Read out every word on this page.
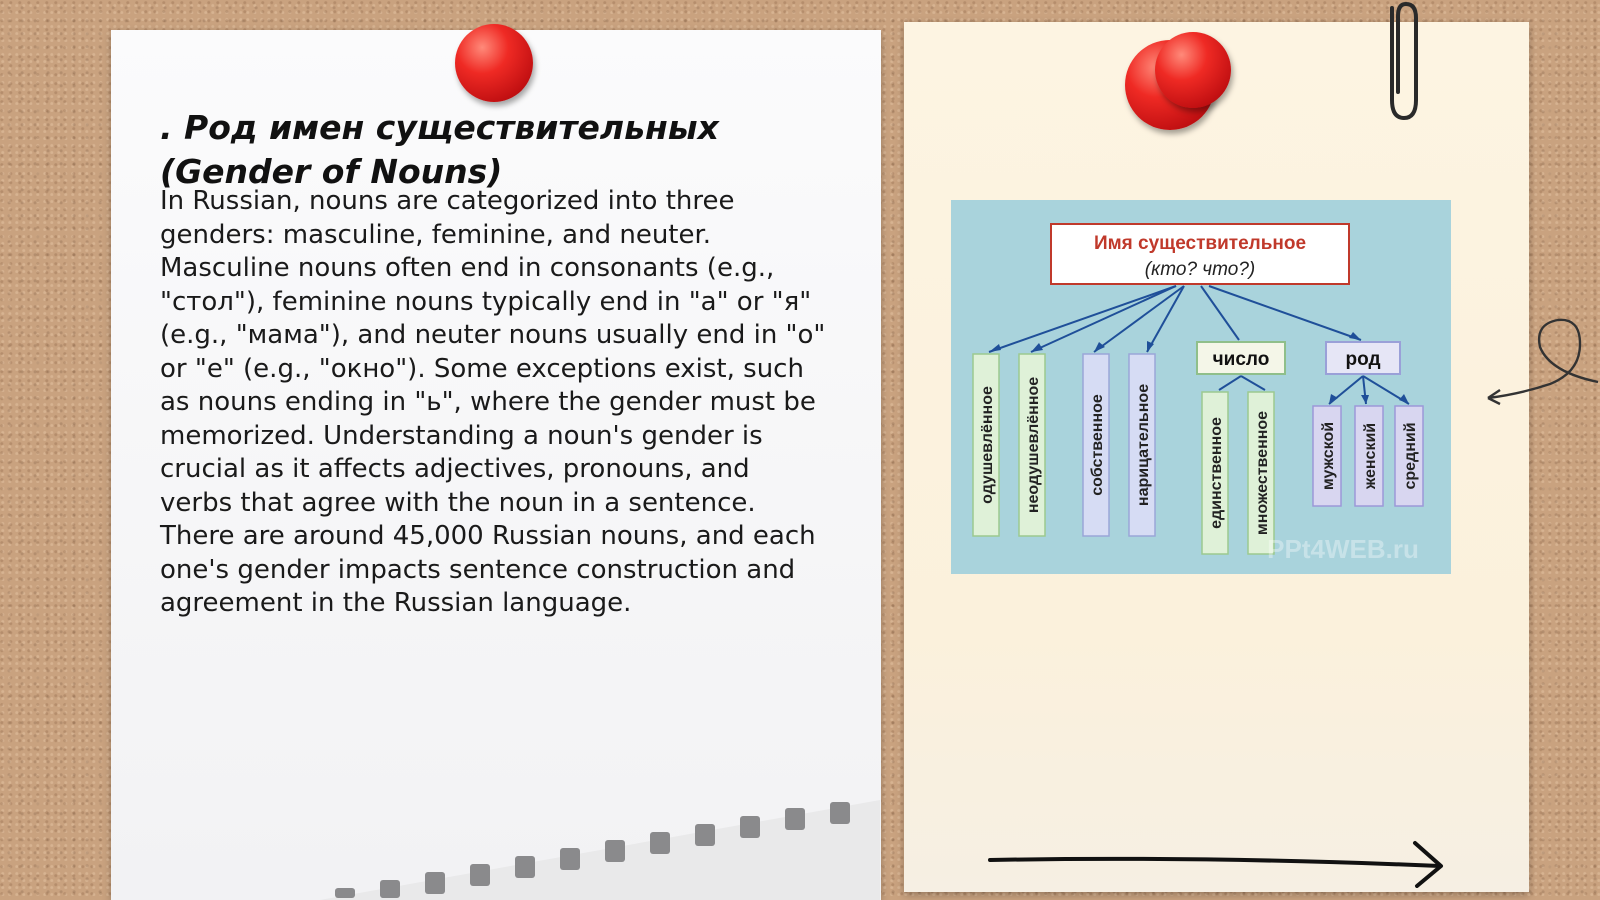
. Род имен существительных (Gender of Nouns)
In Russian, nouns are categorized into three genders: masculine, feminine, and neuter. Masculine nouns often end in consonants (e.g., "стол"), feminine nouns typically end in "а" or "я" (e.g., "мама"), and neuter nouns usually end in "о" or "е" (e.g., "окно"). Some exceptions exist, such as nouns ending in "ь", where the gender must be memorized. Understanding a noun's gender is crucial as it affects adjectives, pronouns, and verbs that agree with the noun in a sentence. There are around 45,000 Russian nouns, and each one's gender impacts sentence construction and agreement in the Russian language.
Имя существительное
(кто? что?)
число	род
одушевлённое неодушевлённое	собственное нарицательное	единственное множественное	мужской женский средний
PPt4WEB.ru
